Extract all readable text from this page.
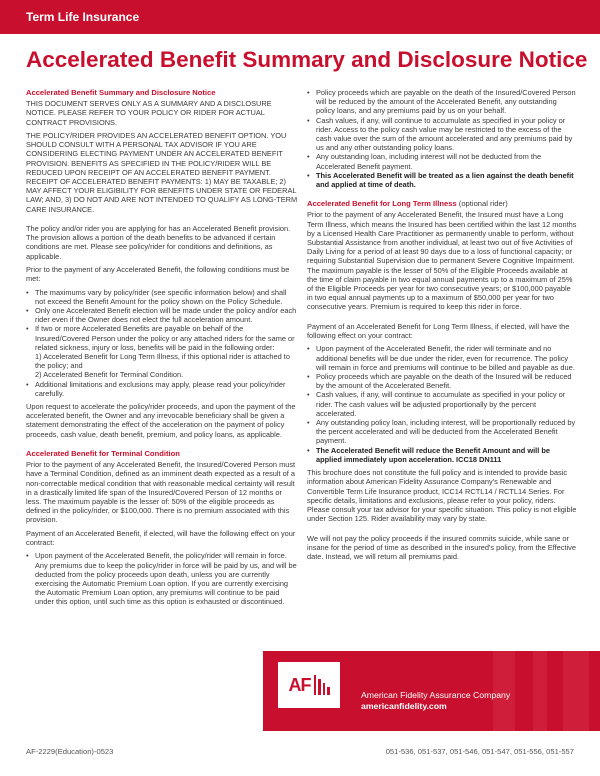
Term Life Insurance
Accelerated Benefit Summary and Disclosure Notice
Accelerated Benefit Summary and Disclosure Notice

THIS DOCUMENT SERVES ONLY AS A SUMMARY AND A DISCLOSURE NOTICE. PLEASE REFER TO YOUR POLICY OR RIDER FOR ACTUAL CONTRACT PROVISIONS.

THE POLICY/RIDER PROVIDES AN ACCELERATED BENEFIT OPTION. YOU SHOULD CONSULT WITH A PERSONAL TAX ADVISOR IF YOU ARE CONSIDERING ELECTING PAYMENT UNDER AN ACCELERATED BENEFIT PROVISION. BENEFITS AS SPECIFIED IN THE POLICY/RIDER WILL BE REDUCED UPON RECEIPT OF AN ACCELERATED BENEFIT PAYMENT. RECEIPT OF ACCELERATED BENEFIT PAYMENTS: 1) MAY BE TAXABLE; 2) MAY AFFECT YOUR ELIGIBILITY FOR BENEFITS UNDER STATE OR FEDERAL LAW; AND, 3) DO NOT AND ARE NOT INTENDED TO QUALIFY AS LONG-TERM CARE INSURANCE.

The policy and/or rider you are applying for has an Accelerated Benefit provision. The provision allows a portion of the death benefits to be advanced if certain conditions are met. Please see policy/rider for conditions and definitions, as applicable.

Prior to the payment of any Accelerated Benefit, the following conditions must be met:

• The maximums vary by policy/rider (see specific information below) and shall not exceed the Benefit Amount for the policy shown on the Policy Schedule.
• Only one Accelerated Benefit election will be made under the policy and/or each rider even if the Owner does not elect the full acceleration amount.
• If two or more Accelerated Benefits are payable on behalf of the Insured/Covered Person under the policy or any attached riders for the same or related sickness, injury or loss, benefits will be paid in the following order:
1) Accelerated Benefit for Long Term Illness, if this optional rider is attached to the policy; and
2) Accelerated Benefit for Terminal Condition.
• Additional limitations and exclusions may apply, please read your policy/rider carefully.

Upon request to accelerate the policy/rider proceeds, and upon the payment of the accelerated benefit, the Owner and any irrevocable beneficiary shall be given a statement demonstrating the effect of the acceleration on the payment of policy proceeds, cash value, death benefit, premium, and policy loans, as applicable.

Accelerated Benefit for Terminal Condition

Prior to the payment of any Accelerated Benefit, the Insured/Covered Person must have a Terminal Condition, defined as an imminent death expected as a result of a non-correctable medical condition that with reasonable medical certainty will result in a drastically limited life span of the Insured/Covered Person of 12 months or less. The maximum payable is the lesser of: 50% of the eligible proceeds as defined in the policy/rider, or $100,000. There is no premium associated with this provision.

Payment of an Accelerated Benefit, if elected, will have the following effect on your contract:

• Upon payment of the Accelerated Benefit, the policy/rider will remain in force. Any premiums due to keep the policy/rider in force will be paid by us, and will be deducted from the policy proceeds upon death, unless you are currently exercising the Automatic Premium Loan option. If you are currently exercising the Automatic Premium Loan option, any premiums will continue to be paid under this option, until such time as this option is exhausted or discontinued.
• Policy proceeds which are payable on the death of the Insured/Covered Person will be reduced by the amount of the Accelerated Benefit, any outstanding policy loans, and any premiums paid by us on your behalf.
• Cash values, if any, will continue to accumulate as specified in your policy or rider. Access to the policy cash value may be restricted to the excess of the cash value over the sum of the amount accelerated and any premiums paid by us and any other outstanding policy loans.
• Any outstanding loan, including interest will not be deducted from the Accelerated Benefit payment.
• This Accelerated Benefit will be treated as a lien against the death benefit and applied at time of death.
Accelerated Benefit for Long Term Illness (optional rider)

Prior to the payment of any Accelerated Benefit, the Insured must have a Long Term Illness, which means the Insured has been certified within the last 12 months by a Licensed Health Care Practitioner as permanently unable to perform, without Substantial Assistance from another individual, at least two out of five Activities of Daily Living for a period of at least 90 days due to a loss of functional capacity; or requiring Substantial Supervision due to permanent Severe Cognitive Impairment. The maximum payable is the lesser of 50% of the Eligible Proceeds available at the time of claim payable in two equal annual payments up to a maximum of 25% of the Eligible Proceeds per year for two consecutive years; or $100,000 payable in two equal annual payments up to a maximum of $50,000 per year for two consecutive years. Premium is required to keep this rider in force.

Payment of an Accelerated Benefit for Long Term Illness, if elected, will have the following effect on your contract:

• Upon payment of the Accelerated Benefit, the rider will terminate and no additional benefits will be due under the rider, even for recurrence. The policy will remain in force and premiums will continue to be billed and payable as due.
• Policy proceeds which are payable on the death of the Insured will be reduced by the amount of the Accelerated Benefit.
• Cash values, if any, will continue to accumulate as specified in your policy or rider. The cash values will be adjusted proportionally by the percent accelerated.
• Any outstanding policy loan, including interest, will be proportionally reduced by the percent accelerated and will be deducted from the Accelerated Benefit payment.
• The Accelerated Benefit will reduce the Benefit Amount and will be applied immediately upon acceleration. ICC18 DN111

This brochure does not constitute the full policy and is intended to provide basic information about American Fidelity Assurance Company's Renewable and Convertible Term Life Insurance product, ICC14 RCTL14 / RCTL14 Series. For specific details, limitations and exclusions, please refer to your policy, riders. Please consult your tax advisor for your specific situation. This policy is not eligible under Section 125. Rider availability may vary by state.

We will not pay the policy proceeds if the insured commits suicide, while sane or insane for the period of time as described in the insured's policy, from the Effective date. Instead, we will return all premiums paid.

AF
American Fidelity Assurance Company
americanfidelity.com
AF-2229(Education)-0523	051-536, 051-537, 051-546, 051-547, 051-556, 051-557
